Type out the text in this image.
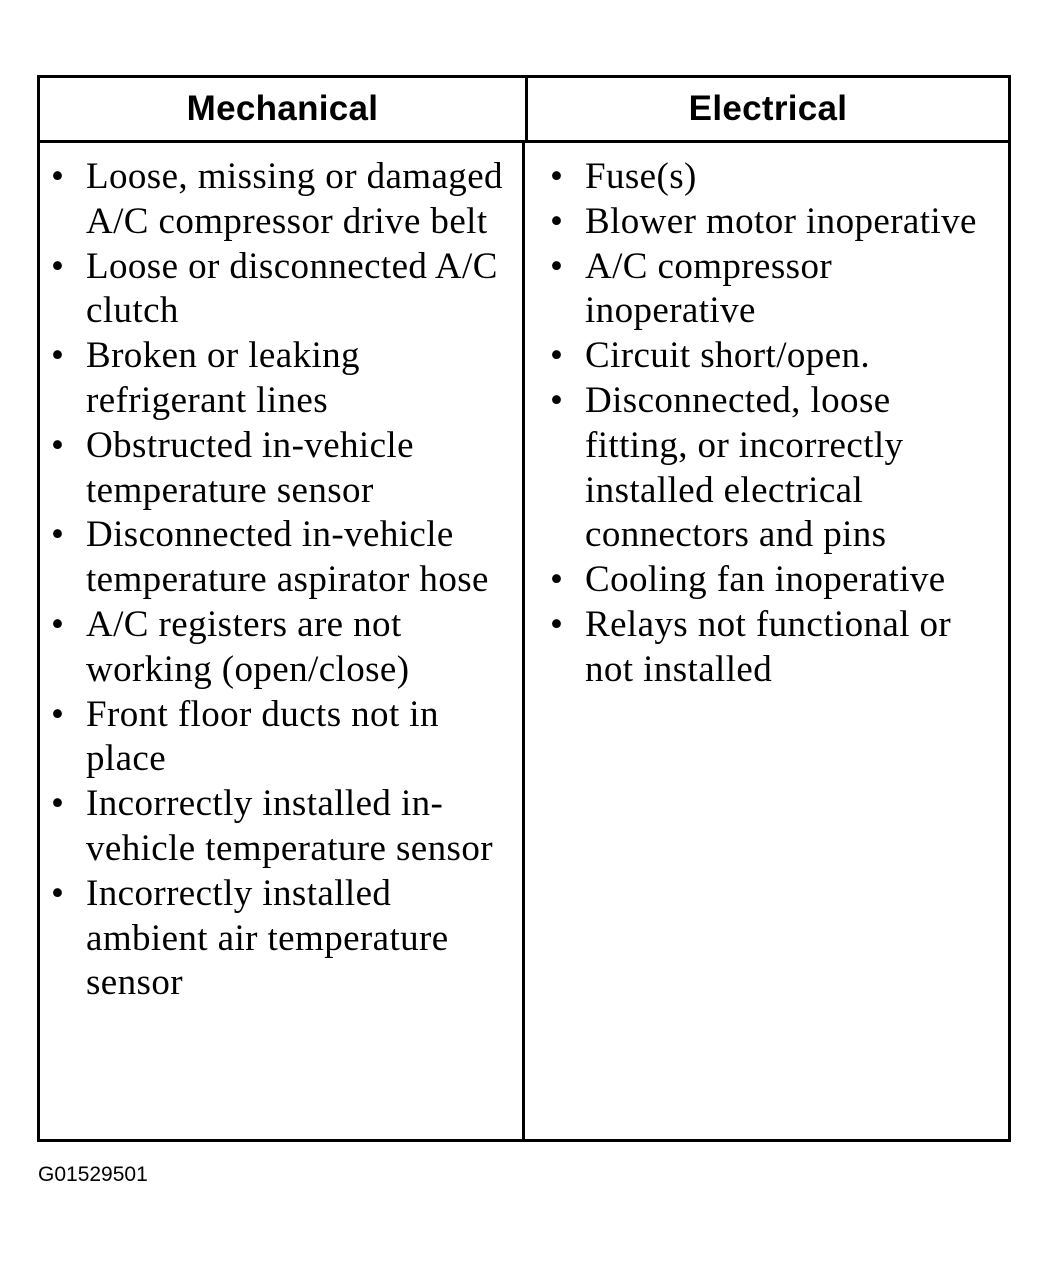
Mechanical	Electrical
• Loose, missing or damaged A/C compressor drive belt
• Loose or disconnected A/C clutch
• Broken or leaking refrigerant lines
• Obstructed in-vehicle temperature sensor
• Disconnected in-vehicle temperature aspirator hose
• A/C registers are not working (open/close)
• Front floor ducts not in place
• Incorrectly installed in-vehicle temperature sensor
• Incorrectly installed ambient air temperature sensor
• Fuse(s)
• Blower motor inoperative
• A/C compressor inoperative
• Circuit short/open.
• Disconnected, loose fitting, or incorrectly installed electrical connectors and pins
• Cooling fan inoperative
• Relays not functional or not installed
G01529501
